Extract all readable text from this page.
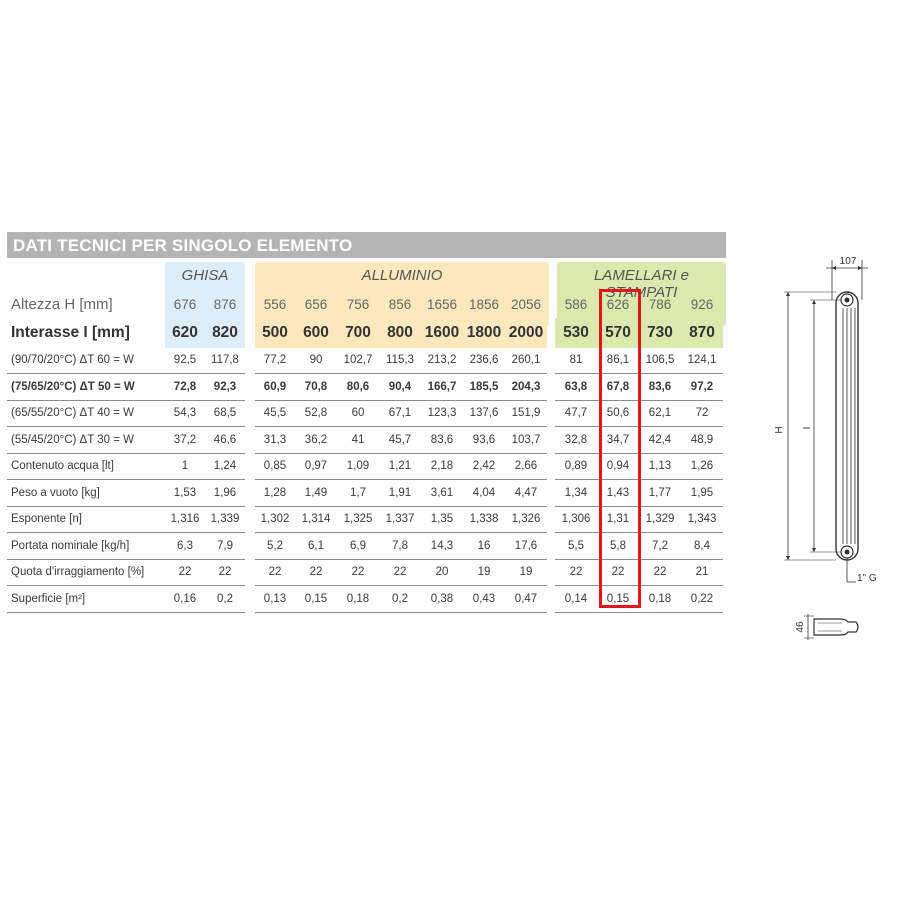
DATI TECNICI PER SINGOLO ELEMENTO
GHISA	ALLUMINIO	LAMELLARI e STAMPATI
Altezza H [mm]	676	876		556	656	756	856	1656	1856	2056		586	626	786	926
Interasse I [mm]	620	820		500	600	700	800	1600	1800	2000		530	570	730	870
(90/70/20°C) ΔT 60 = W	92,5	117,8		77,2	90	102,7	115,3	213,2	236,6	260,1		81	86,1	106,5	124,1
(75/65/20°C) ΔT 50 = W	72,8	92,3		60,9	70,8	80,6	90,4	166,7	185,5	204,3		63,8	67,8	83,6	97,2
(65/55/20°C) ΔT 40 = W	54,3	68,5		45,5	52,8	60	67,1	123,3	137,6	151,9		47,7	50,6	62,1	72
(55/45/20°C) ΔT 30 = W	37,2	46,6		31,3	36,2	41	45,7	83,6	93,6	103,7		32,8	34,7	42,4	48,9
Contenuto acqua [lt]	1	1,24		0,85	0,97	1,09	1,21	2,18	2,42	2,66		0,89	0,94	1,13	1,26
Peso a vuoto [kg]	1,53	1,96		1,28	1,49	1,7	1,91	3,61	4,04	4,47		1,34	1,43	1,77	1,95
Esponente [n]	1,316	1,339		1,302	1,314	1,325	1,337	1,35	1,338	1,326		1,306	1,31	1,329	1,343
Portata nominale [kg/h]	6,3	7,9		5,2	6,1	6,9	7,8	14,3	16	17,6		5,5	5,8	7,2	8,4
Quota d'irraggiamento [%]	22	22		22	22	22	22	20	19	19		22	22	22	21
Superficie [m²]	0,16	0,2		0,13	0,15	0,18	0,2	0,38	0,43	0,47		0,14	0,15	0,18	0,22
107
H I
1" G
46
